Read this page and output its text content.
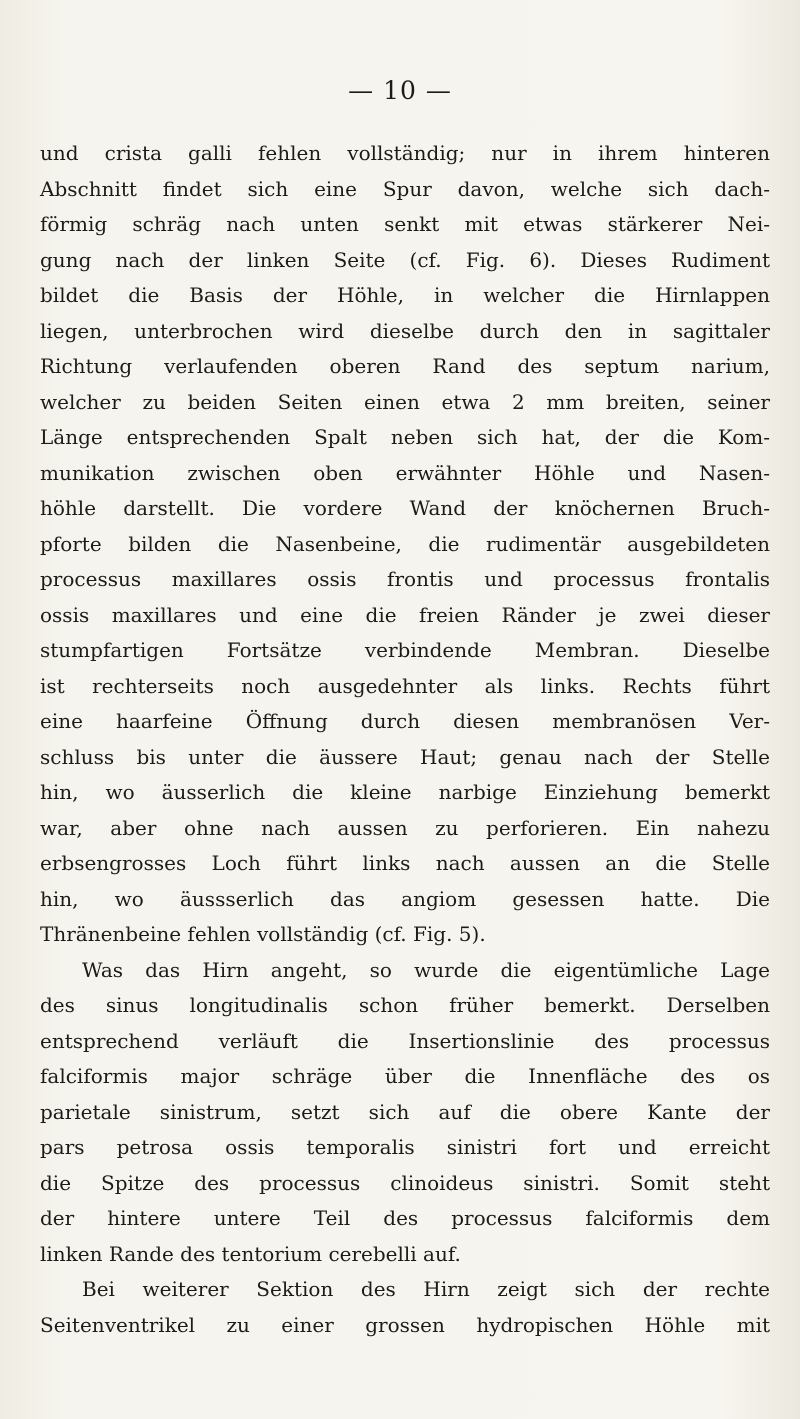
— 10 —
und crista galli fehlen vollständig; nur in ihrem hinteren
Abschnitt findet sich eine Spur davon, welche sich dach-
förmig schräg nach unten senkt mit etwas stärkerer Nei-
gung nach der linken Seite (cf. Fig. 6). Dieses Rudiment
bildet die Basis der Höhle, in welcher die Hirnlappen
liegen, unterbrochen wird dieselbe durch den in sagittaler
Richtung verlaufenden oberen Rand des septum narium,
welcher zu beiden Seiten einen etwa 2 mm breiten, seiner
Länge entsprechenden Spalt neben sich hat, der die Kom-
munikation zwischen oben erwähnter Höhle und Nasen-
höhle darstellt. Die vordere Wand der knöchernen Bruch-
pforte bilden die Nasenbeine, die rudimentär ausgebildeten
processus maxillares ossis frontis und processus frontalis
ossis maxillares und eine die freien Ränder je zwei dieser
stumpfartigen Fortsätze verbindende Membran. Dieselbe
ist rechterseits noch ausgedehnter als links. Rechts führt
eine haarfeine Öffnung durch diesen membranösen Ver-
schluss bis unter die äussere Haut; genau nach der Stelle
hin, wo äusserlich die kleine narbige Einziehung bemerkt
war, aber ohne nach aussen zu perforieren. Ein nahezu
erbsengrosses Loch führt links nach aussen an die Stelle
hin, wo äussserlich das angiom gesessen hatte. Die
Thränenbeine fehlen vollständig (cf. Fig. 5).
Was das Hirn angeht, so wurde die eigentümliche Lage
des sinus longitudinalis schon früher bemerkt. Derselben
entsprechend verläuft die Insertionslinie des processus
falciformis major schräge über die Innenfläche des os
parietale sinistrum, setzt sich auf die obere Kante der
pars petrosa ossis temporalis sinistri fort und erreicht
die Spitze des processus clinoideus sinistri. Somit steht
der hintere untere Teil des processus falciformis dem
linken Rande des tentorium cerebelli auf.
Bei weiterer Sektion des Hirn zeigt sich der rechte
Seitenventrikel zu einer grossen hydropischen Höhle mit
